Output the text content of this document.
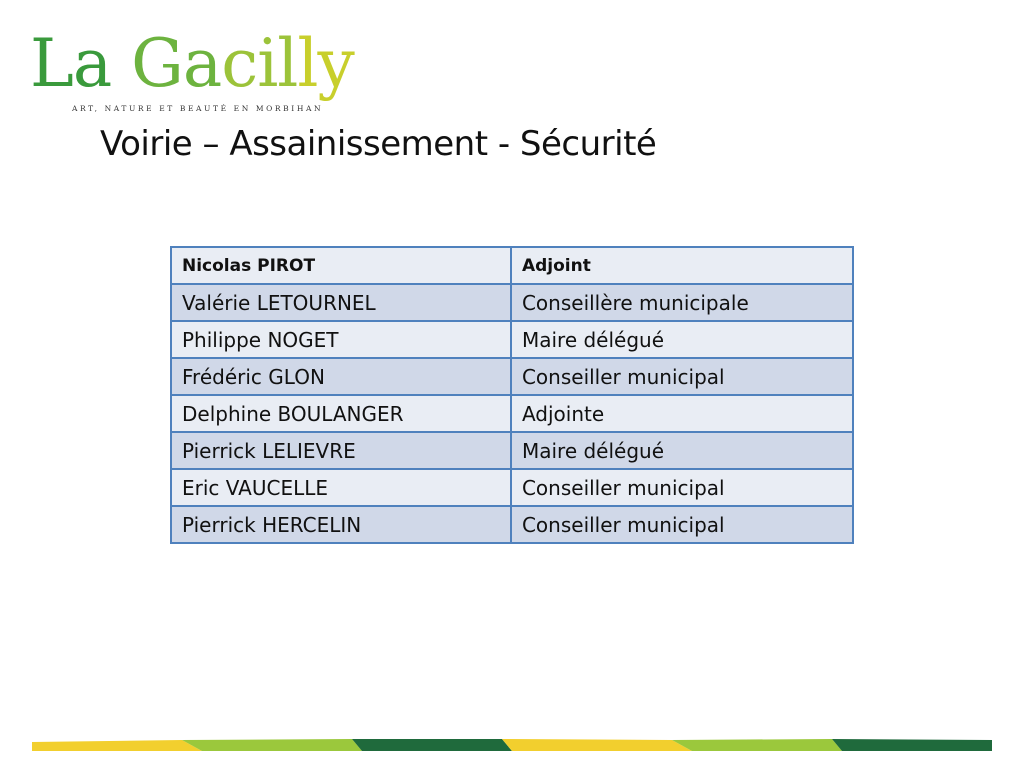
La Gacilly
ART, NATURE ET BEAUTÉ EN MORBIHAN
Voirie – Assainissement - Sécurité
Nicolas PIROT	Adjoint
Valérie LETOURNEL	Conseillère municipale
Philippe NOGET	Maire délégué
Frédéric GLON	Conseiller municipal
Delphine BOULANGER	Adjointe
Pierrick LELIEVRE	Maire délégué
Eric VAUCELLE	Conseiller municipal
Pierrick HERCELIN	Conseiller municipal
